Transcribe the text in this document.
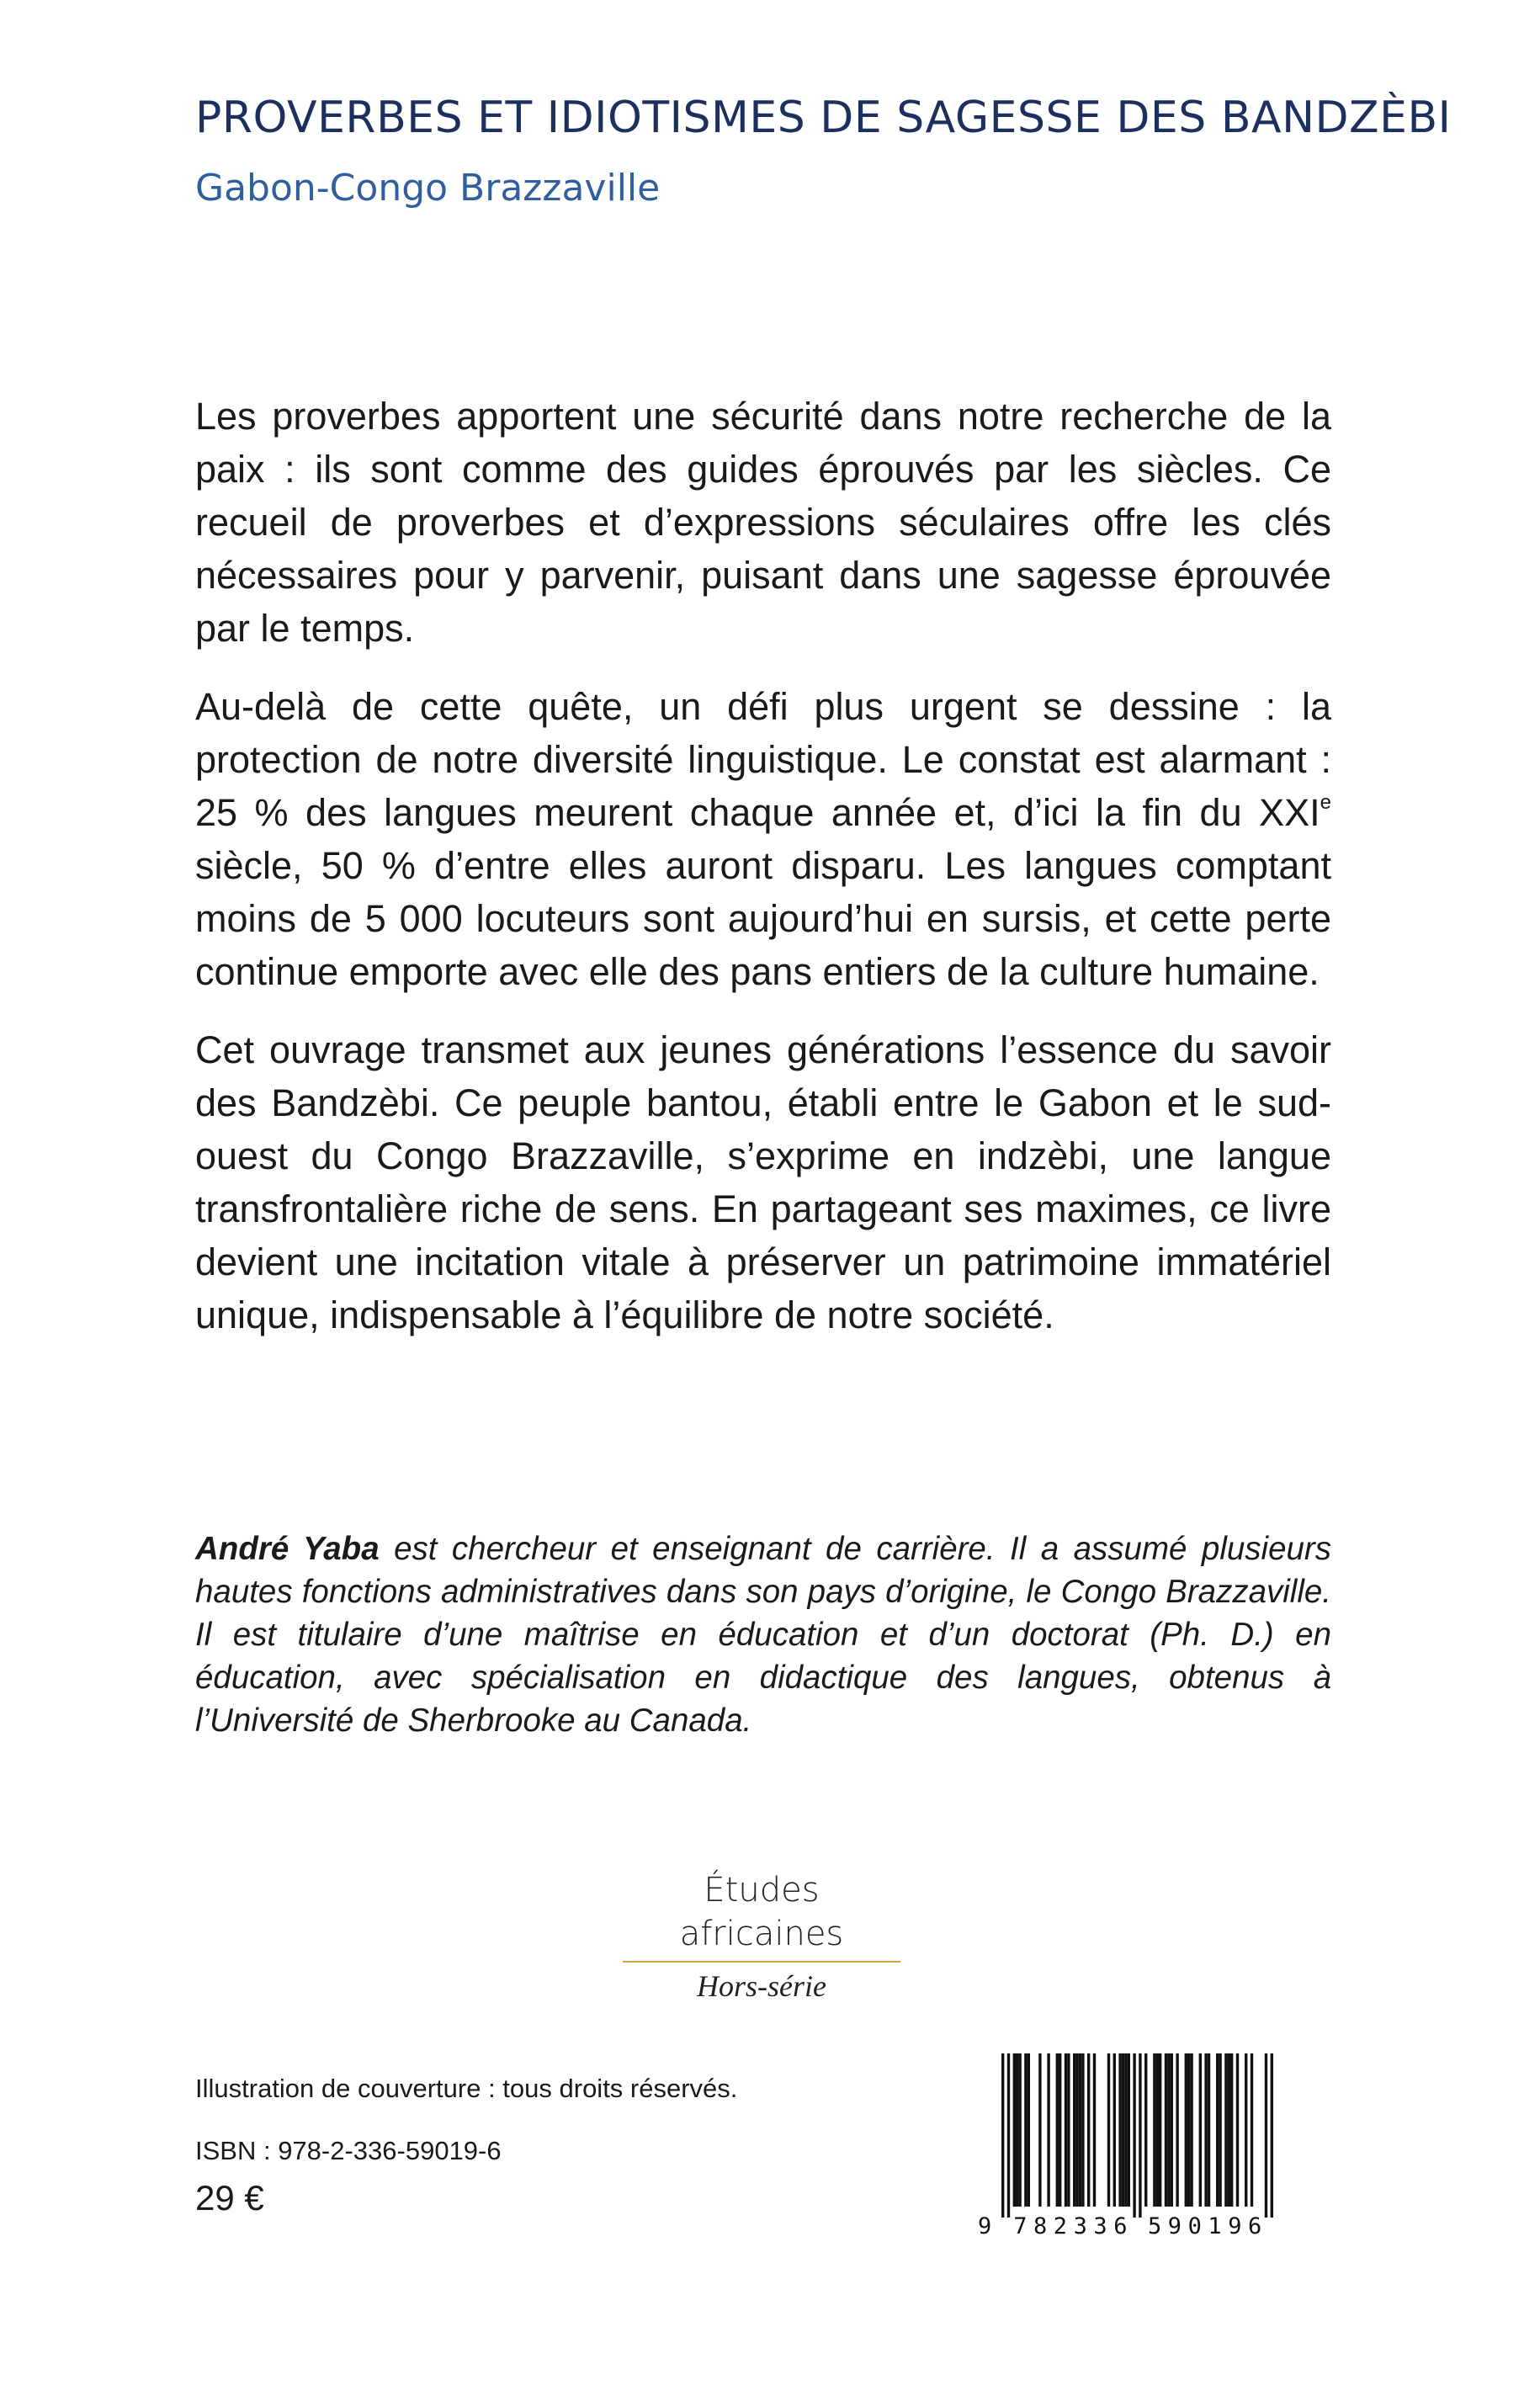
PROVERBES ET IDIOTISMES DE SAGESSE DES BANDZÈBI
Gabon-Congo Brazzaville

Les proverbes apportent une sécurité dans notre recherche de la paix : ils sont comme des guides éprouvés par les siècles. Ce recueil de proverbes et d’expressions séculaires offre les clés nécessaires pour y parvenir, puisant dans une sagesse éprouvée par le temps.

Au-delà de cette quête, un défi plus urgent se dessine : la protection de notre diversité linguistique. Le constat est alarmant : 25 % des langues meurent chaque année et, d’ici la fin du XXIe siècle, 50 % d’entre elles auront disparu. Les langues comptant moins de 5 000 locuteurs sont aujourd’hui en sursis, et cette perte continue emporte avec elle des pans entiers de la culture humaine.

Cet ouvrage transmet aux jeunes générations l’essence du savoir des Bandzèbi. Ce peuple bantou, établi entre le Gabon et le sud-ouest du Congo Brazzaville, s’exprime en indzèbi, une langue transfrontalière riche de sens. En partageant ses maximes, ce livre devient une incitation vitale à préserver un patrimoine immatériel unique, indispensable à l’équilibre de notre société.

André Yaba est chercheur et enseignant de carrière. Il a assumé plusieurs hautes fonctions administratives dans son pays d’origine, le Congo Brazzaville. Il est titulaire d’une maîtrise en éducation et d’un doctorat (Ph. D.) en éducation, avec spécialisation en didactique des langues, obtenus à l’Université de Sherbrooke au Canada.
Études africaines
Hors-série
Illustration de couverture : tous droits réservés.
ISBN : 978-2-336-59019-6
29 €
9 7 8 2 3 3 6 5 9 0 1 9 6
